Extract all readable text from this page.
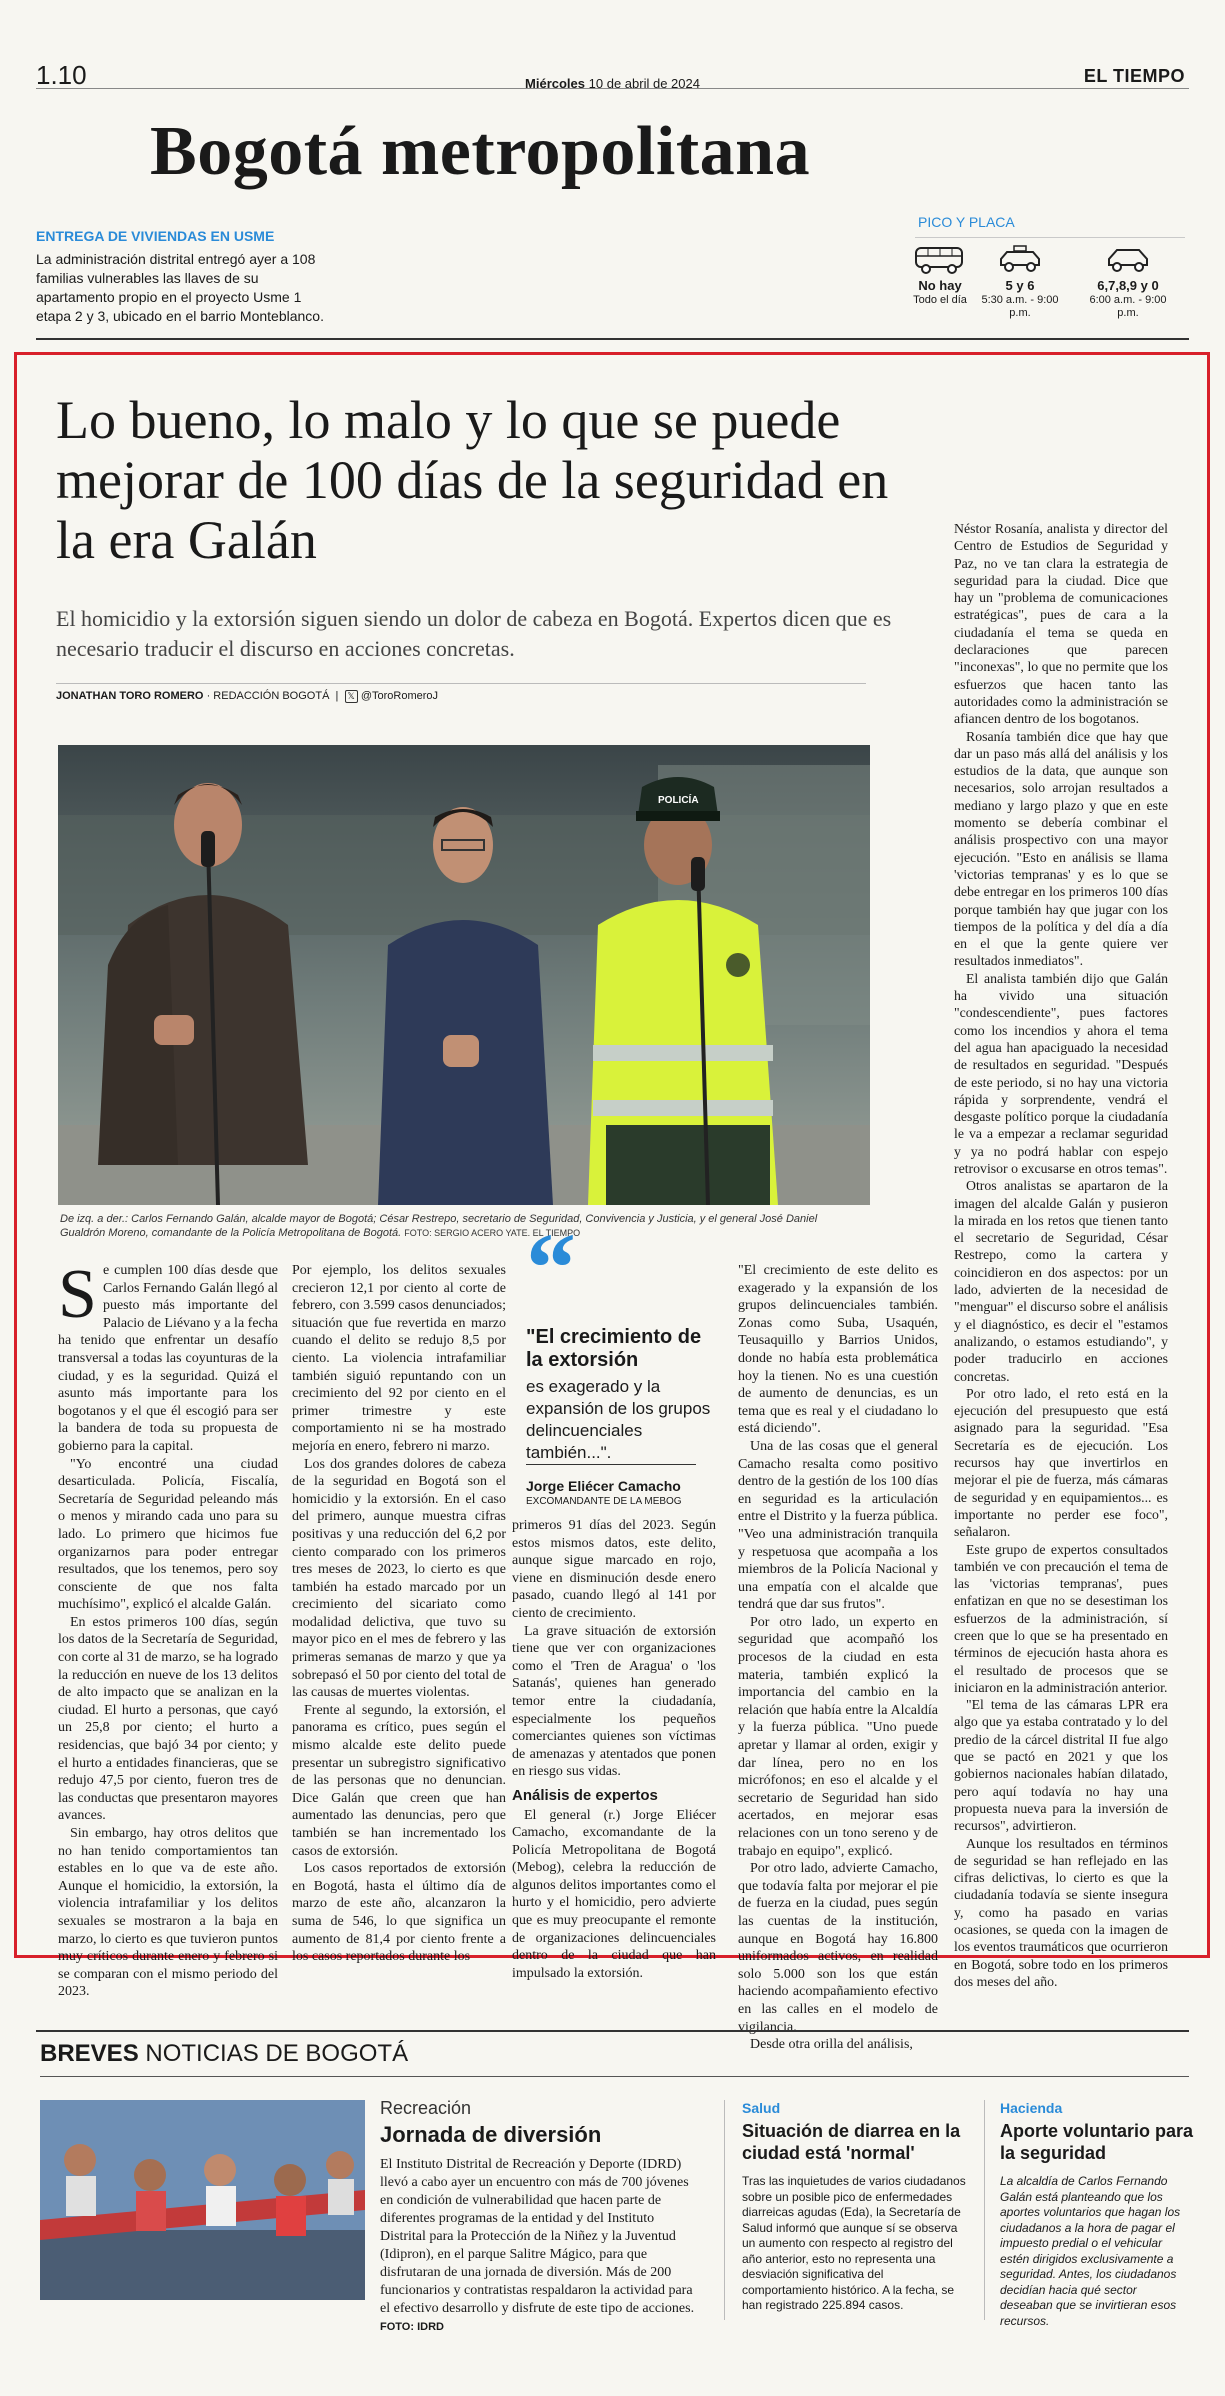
1.10	Miércoles 10 de abril de 2024	EL TIEMPO
Bogotá metropolitana
ENTREGA DE VIVIENDAS EN USME
La administración distrital entregó ayer a 108 familias vulnerables las llaves de su apartamento propio en el proyecto Usme 1 etapa 2 y 3, ubicado en el barrio Monteblanco.
PICO Y PLACA
No hay
Todo el día
5 y 6
5:30 a.m. - 9:00 p.m.
6,7,8,9 y 0
6:00 a.m. - 9:00 p.m.
Lo bueno, lo malo y lo que se puede mejorar de 100 días de la seguridad en la era Galán
El homicidio y la extorsión siguen siendo un dolor de cabeza en Bogotá. Expertos dicen que es necesario traducir el discurso en acciones concretas.
JONATHAN TORO ROMERO · REDACCIÓN BOGOTÁ  |  𝕏 @ToroRomeroJ
POLICÍA
De izq. a der.: Carlos Fernando Galán, alcalde mayor de Bogotá; César Restrepo, secretario de Seguridad, Convivencia y Justicia, y el general José Daniel Gualdrón Moreno, comandante de la Policía Metropolitana de Bogotá. FOTO: SERGIO ACERO YATE. EL TIEMPO
S e cumplen 100 días desde que Carlos Fernando Galán llegó al puesto más importante del Palacio de Liévano y a la fecha ha tenido que enfrentar un desafío transversal a todas las coyunturas de la ciudad, y es la seguridad. Quizá el asunto más importante para los bogotanos y el que él escogió para ser la bandera de toda su propuesta de gobierno para la capital.

"Yo encontré una ciudad desarticulada. Policía, Fiscalía, Secretaría de Seguridad peleando más o menos y mirando cada uno para su lado. Lo primero que hicimos fue organizarnos para poder entregar resultados, que los tenemos, pero soy consciente de que nos falta muchísimo", explicó el alcalde Galán.

En estos primeros 100 días, según los datos de la Secretaría de Seguridad, con corte al 31 de marzo, se ha logrado la reducción en nueve de los 13 delitos de alto impacto que se analizan en la ciudad. El hurto a personas, que cayó un 25,8 por ciento; el hurto a residencias, que bajó 34 por ciento; y el hurto a entidades financieras, que se redujo 47,5 por ciento, fueron tres de las conductas que presentaron mayores avances.

Sin embargo, hay otros delitos que no han tenido comportamientos tan estables en lo que va de este año. Aunque el homicidio, la extorsión, la violencia intrafamiliar y los delitos sexuales se mostraron a la baja en marzo, lo cierto es que tuvieron puntos muy críticos durante enero y febrero si se comparan con el mismo periodo del 2023.

Por ejemplo, los delitos sexuales crecieron 12,1 por ciento al corte de febrero, con 3.599 casos denunciados; situación que fue revertida en marzo cuando el delito se redujo 8,5 por ciento. La violencia intrafamiliar también siguió repuntando con un crecimiento del 92 por ciento en el primer trimestre y este comportamiento ni se ha mostrado mejoría en enero, febrero ni marzo.

Los dos grandes dolores de cabeza de la seguridad en Bogotá son el homicidio y la extorsión. En el caso del primero, aunque muestra cifras positivas y una reducción del 6,2 por ciento comparado con los primeros tres meses de 2023, lo cierto es que también ha estado marcado por un crecimiento del sicariato como modalidad delictiva, que tuvo su mayor pico en el mes de febrero y las primeras semanas de marzo y que ya sobrepasó el 50 por ciento del total de las causas de muertes violentas.

Frente al segundo, la extorsión, el panorama es crítico, pues según el mismo alcalde este delito puede presentar un subregistro significativo de las personas que no denuncian. Dice Galán que creen que han aumentado las denuncias, pero que también se han incrementado los casos de extorsión.

Los casos reportados de extorsión en Bogotá, hasta el último día de marzo de este año, alcanzaron la suma de 546, lo que significa un aumento de 81,4 por ciento frente a los casos reportados durante los

“
"El crecimiento de la extorsión
es exagerado y la expansión de los grupos delincuenciales también...".
Jorge Eliécer Camacho
EXCOMANDANTE DE LA MEBOG

primeros 91 días del 2023. Según estos mismos datos, este delito, aunque sigue marcado en rojo, viene en disminución desde enero pasado, cuando llegó al 141 por ciento de crecimiento.

La grave situación de extorsión tiene que ver con organizaciones como el 'Tren de Aragua' o 'los Satanás', quienes han generado temor entre la ciudadanía, especialmente los pequeños comerciantes quienes son víctimas de amenazas y atentados que ponen en riesgo sus vidas.

Análisis de expertos

El general (r.) Jorge Eliécer Camacho, excomandante de la Policía Metropolitana de Bogotá (Mebog), celebra la reducción de algunos delitos importantes como el hurto y el homicidio, pero advierte que es muy preocupante el remonte de organizaciones delincuenciales dentro de la ciudad que han impulsado la extorsión.

"El crecimiento de este delito es exagerado y la expansión de los grupos delincuenciales también. Zonas como Suba, Usaquén, Teusaquillo y Barrios Unidos, donde no había esta problemática hoy la tienen. No es una cuestión de aumento de denuncias, es un tema que es real y el ciudadano lo está diciendo".

Una de las cosas que el general Camacho resalta como positivo dentro de la gestión de los 100 días en seguridad es la articulación entre el Distrito y la fuerza pública. "Veo una administración tranquila y respetuosa que acompaña a los miembros de la Policía Nacional y una empatía con el alcalde que tendrá que dar sus frutos".

Por otro lado, un experto en seguridad que acompañó los procesos de la ciudad en esta materia, también explicó la importancia del cambio en la relación que había entre la Alcaldía y la fuerza pública. "Uno puede apretar y llamar al orden, exigir y dar línea, pero no en los micrófonos; en eso el alcalde y el secretario de Seguridad han sido acertados, en mejorar esas relaciones con un tono sereno y de trabajo en equipo", explicó.

Por otro lado, advierte Camacho, que todavía falta por mejorar el pie de fuerza en la ciudad, pues según las cuentas de la institución, aunque en Bogotá hay 16.800 uniformados activos, en realidad solo 5.000 son los que están haciendo acompañamiento efectivo en las calles en el modelo de vigilancia.

Desde otra orilla del análisis,

Néstor Rosanía, analista y director del Centro de Estudios de Seguridad y Paz, no ve tan clara la estrategia de seguridad para la ciudad. Dice que hay un "problema de comunicaciones estratégicas", pues de cara a la ciudadanía el tema se queda en declaraciones que parecen "inconexas", lo que no permite que los esfuerzos que hacen tanto las autoridades como la administración se afiancen dentro de los bogotanos.

Rosanía también dice que hay que dar un paso más allá del análisis y los estudios de la data, que aunque son necesarios, solo arrojan resultados a mediano y largo plazo y que en este momento se debería combinar el análisis prospectivo con una mayor ejecución. "Esto en análisis se llama 'victorias tempranas' y es lo que se debe entregar en los primeros 100 días porque también hay que jugar con los tiempos de la política y del día a día en el que la gente quiere ver resultados inmediatos".

El analista también dijo que Galán ha vivido una situación "condescendiente", pues factores como los incendios y ahora el tema del agua han apaciguado la necesidad de resultados en seguridad. "Después de este periodo, si no hay una victoria rápida y sorprendente, vendrá el desgaste político porque la ciudadanía le va a empezar a reclamar seguridad y ya no podrá hablar con espejo retrovisor o excusarse en otros temas".

Otros analistas se apartaron de la imagen del alcalde Galán y pusieron la mirada en los retos que tienen tanto el secretario de Seguridad, César Restrepo, como la cartera y coincidieron en dos aspectos: por un lado, advierten de la necesidad de "menguar" el discurso sobre el análisis y el diagnóstico, es decir el "estamos analizando, o estamos estudiando", y poder traducirlo en acciones concretas.

Por otro lado, el reto está en la ejecución del presupuesto que está asignado para la seguridad. "Esa Secretaría es de ejecución. Los recursos hay que invertirlos en mejorar el pie de fuerza, más cámaras de seguridad y en equipamientos... es importante no perder ese foco", señalaron.

Este grupo de expertos consultados también ve con precaución el tema de las 'victorias tempranas', pues enfatizan en que no se desestiman los esfuerzos de la administración, sí creen que lo que se ha presentado en términos de ejecución hasta ahora es el resultado de procesos que se iniciaron en la administración anterior.

"El tema de las cámaras LPR era algo que ya estaba contratado y lo del predio de la cárcel distrital II fue algo que se pactó en 2021 y que los gobiernos nacionales habían dilatado, pero aquí todavía no hay una propuesta nueva para la inversión de recursos", advirtieron.

Aunque los resultados en términos de seguridad se han reflejado en las cifras delictivas, lo cierto es que la ciudadanía todavía se siente insegura y, como ha pasado en varias ocasiones, se queda con la imagen de los eventos traumáticos que ocurrieron en Bogotá, sobre todo en los primeros dos meses del año.

BREVES NOTICIAS DE BOGOTÁ
Recreación
Jornada de diversión
El Instituto Distrital de Recreación y Deporte (IDRD) llevó a cabo ayer un encuentro con más de 700 jóvenes en condición de vulnerabilidad que hacen parte de diferentes programas de la entidad y del Instituto Distrital para la Protección de la Niñez y la Juventud (Idipron), en el parque Salitre Mágico, para que disfrutaran de una jornada de diversión. Más de 200 funcionarios y contratistas respaldaron la actividad para el efectivo desarrollo y disfrute de este tipo de acciones. FOTO: IDRD
Salud
Situación de diarrea en la ciudad está 'normal'
Tras las inquietudes de varios ciudadanos sobre un posible pico de enfermedades diarreicas agudas (Eda), la Secretaría de Salud informó que aunque sí se observa un aumento con respecto al registro del año anterior, esto no representa una desviación significativa del comportamiento histórico. A la fecha, se han registrado 225.894 casos.
Hacienda
Aporte voluntario para la seguridad
La alcaldía de Carlos Fernando Galán está planteando que los aportes voluntarios que hagan los ciudadanos a la hora de pagar el impuesto predial o el vehicular estén dirigidos exclusivamente a seguridad. Antes, los ciudadanos decidían hacia qué sector deseaban que se invirtieran esos recursos.
